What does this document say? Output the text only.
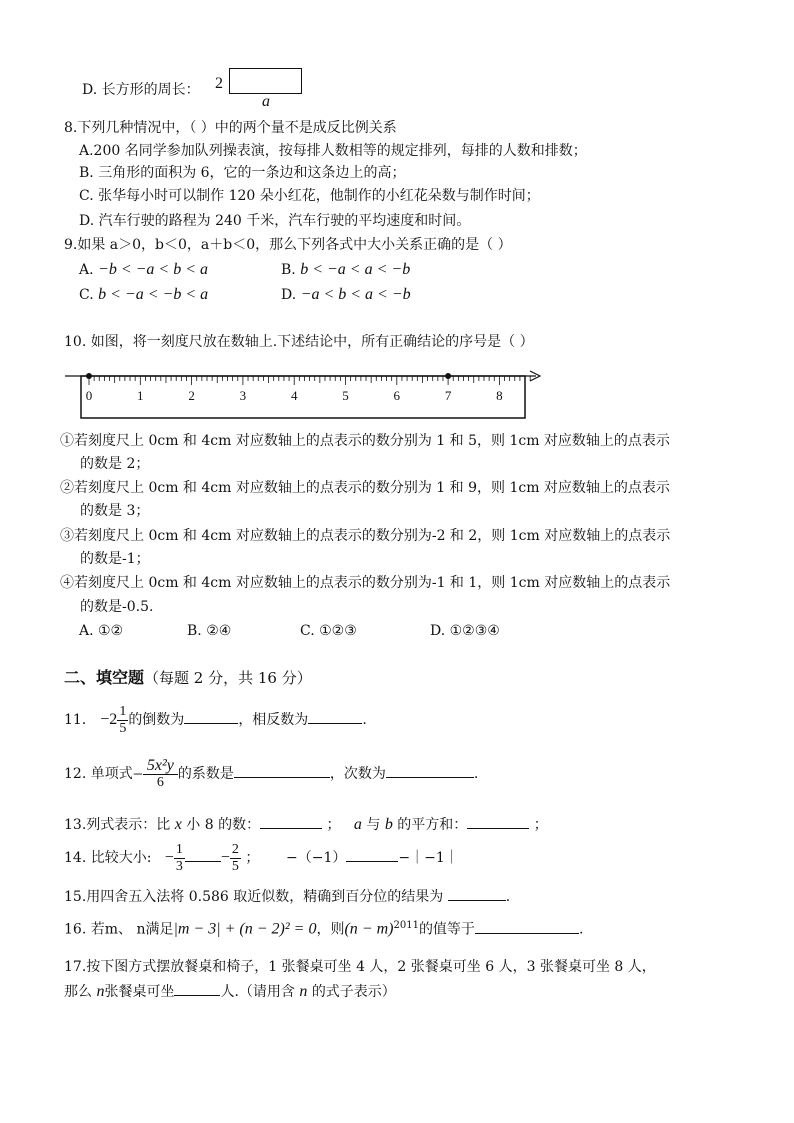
D. 长方形的周长： 2
a
8.下列几种情况中，（ ）中的两个量不是成反比例关系
A.200 名同学参加队列操表演，按每排人数相等的规定排列，每排的人数和排数；
B. 三角形的面积为 6，它的一条边和这条边上的高；
C. 张华每小时可以制作 120 朵小红花，他制作的小红花朵数与制作时间；
D. 汽车行驶的路程为 240 千米，汽车行驶的平均速度和时间。
9.如果 a＞0，b＜0，a＋b＜0，那么下列各式中大小关系正确的是（ ）
A. −b < −a < b < a	B. b < −a < a < −b
C. b < −a < −b < a	D. −a < b < a < −b
10. 如图，将一刻度尺放在数轴上.下述结论中，所有正确结论的序号是（ ）
0	1	2	3	4	5	6	7	8
①若刻度尺上 0cm 和 4cm 对应数轴上的点表示的数分别为 1 和 5，则 1cm 对应数轴上的点表示
的数是 2；
②若刻度尺上 0cm 和 4cm 对应数轴上的点表示的数分别为 1 和 9，则 1cm 对应数轴上的点表示
的数是 3；
③若刻度尺上 0cm 和 4cm 对应数轴上的点表示的数分别为-2 和 2，则 1cm 对应数轴上的点表示
的数是-1；
④若刻度尺上 0cm 和 4cm 对应数轴上的点表示的数分别为-1 和 1，则 1cm 对应数轴上的点表示
的数是-0.5.
A. ①②	B. ②④	C. ①②③	D. ①②③④
二、填空题（每题 2 分，共 16 分）
11． $-2 \frac{1}{5}$ 的倒数为	，相反数为	.
12. 单项式− $\frac{\text{5x²y}}{6}$ 的系数是	，次数为	.
13.列式表示：比 x 小 8 的数：	； a 与 b 的平方和：	；
14. 比较大小: − $\frac{1}{3} - \frac{2}{5}$ ； −（−1）	−｜−1｜
15.用四舍五入法将 0.586 取近似数，精确到百分位的结果为	.
16. 若m、 n满足|m − 3| + (n − 2)² = 0，则$(n - m)^{2011}$的值等于	.
17.按下图方式摆放餐桌和椅子，1 张餐桌可坐 4 人，2 张餐桌可坐 6 人，3 张餐桌可坐 8 人，
那么 n张餐桌可坐	人.（请用含 n 的式子表示）
